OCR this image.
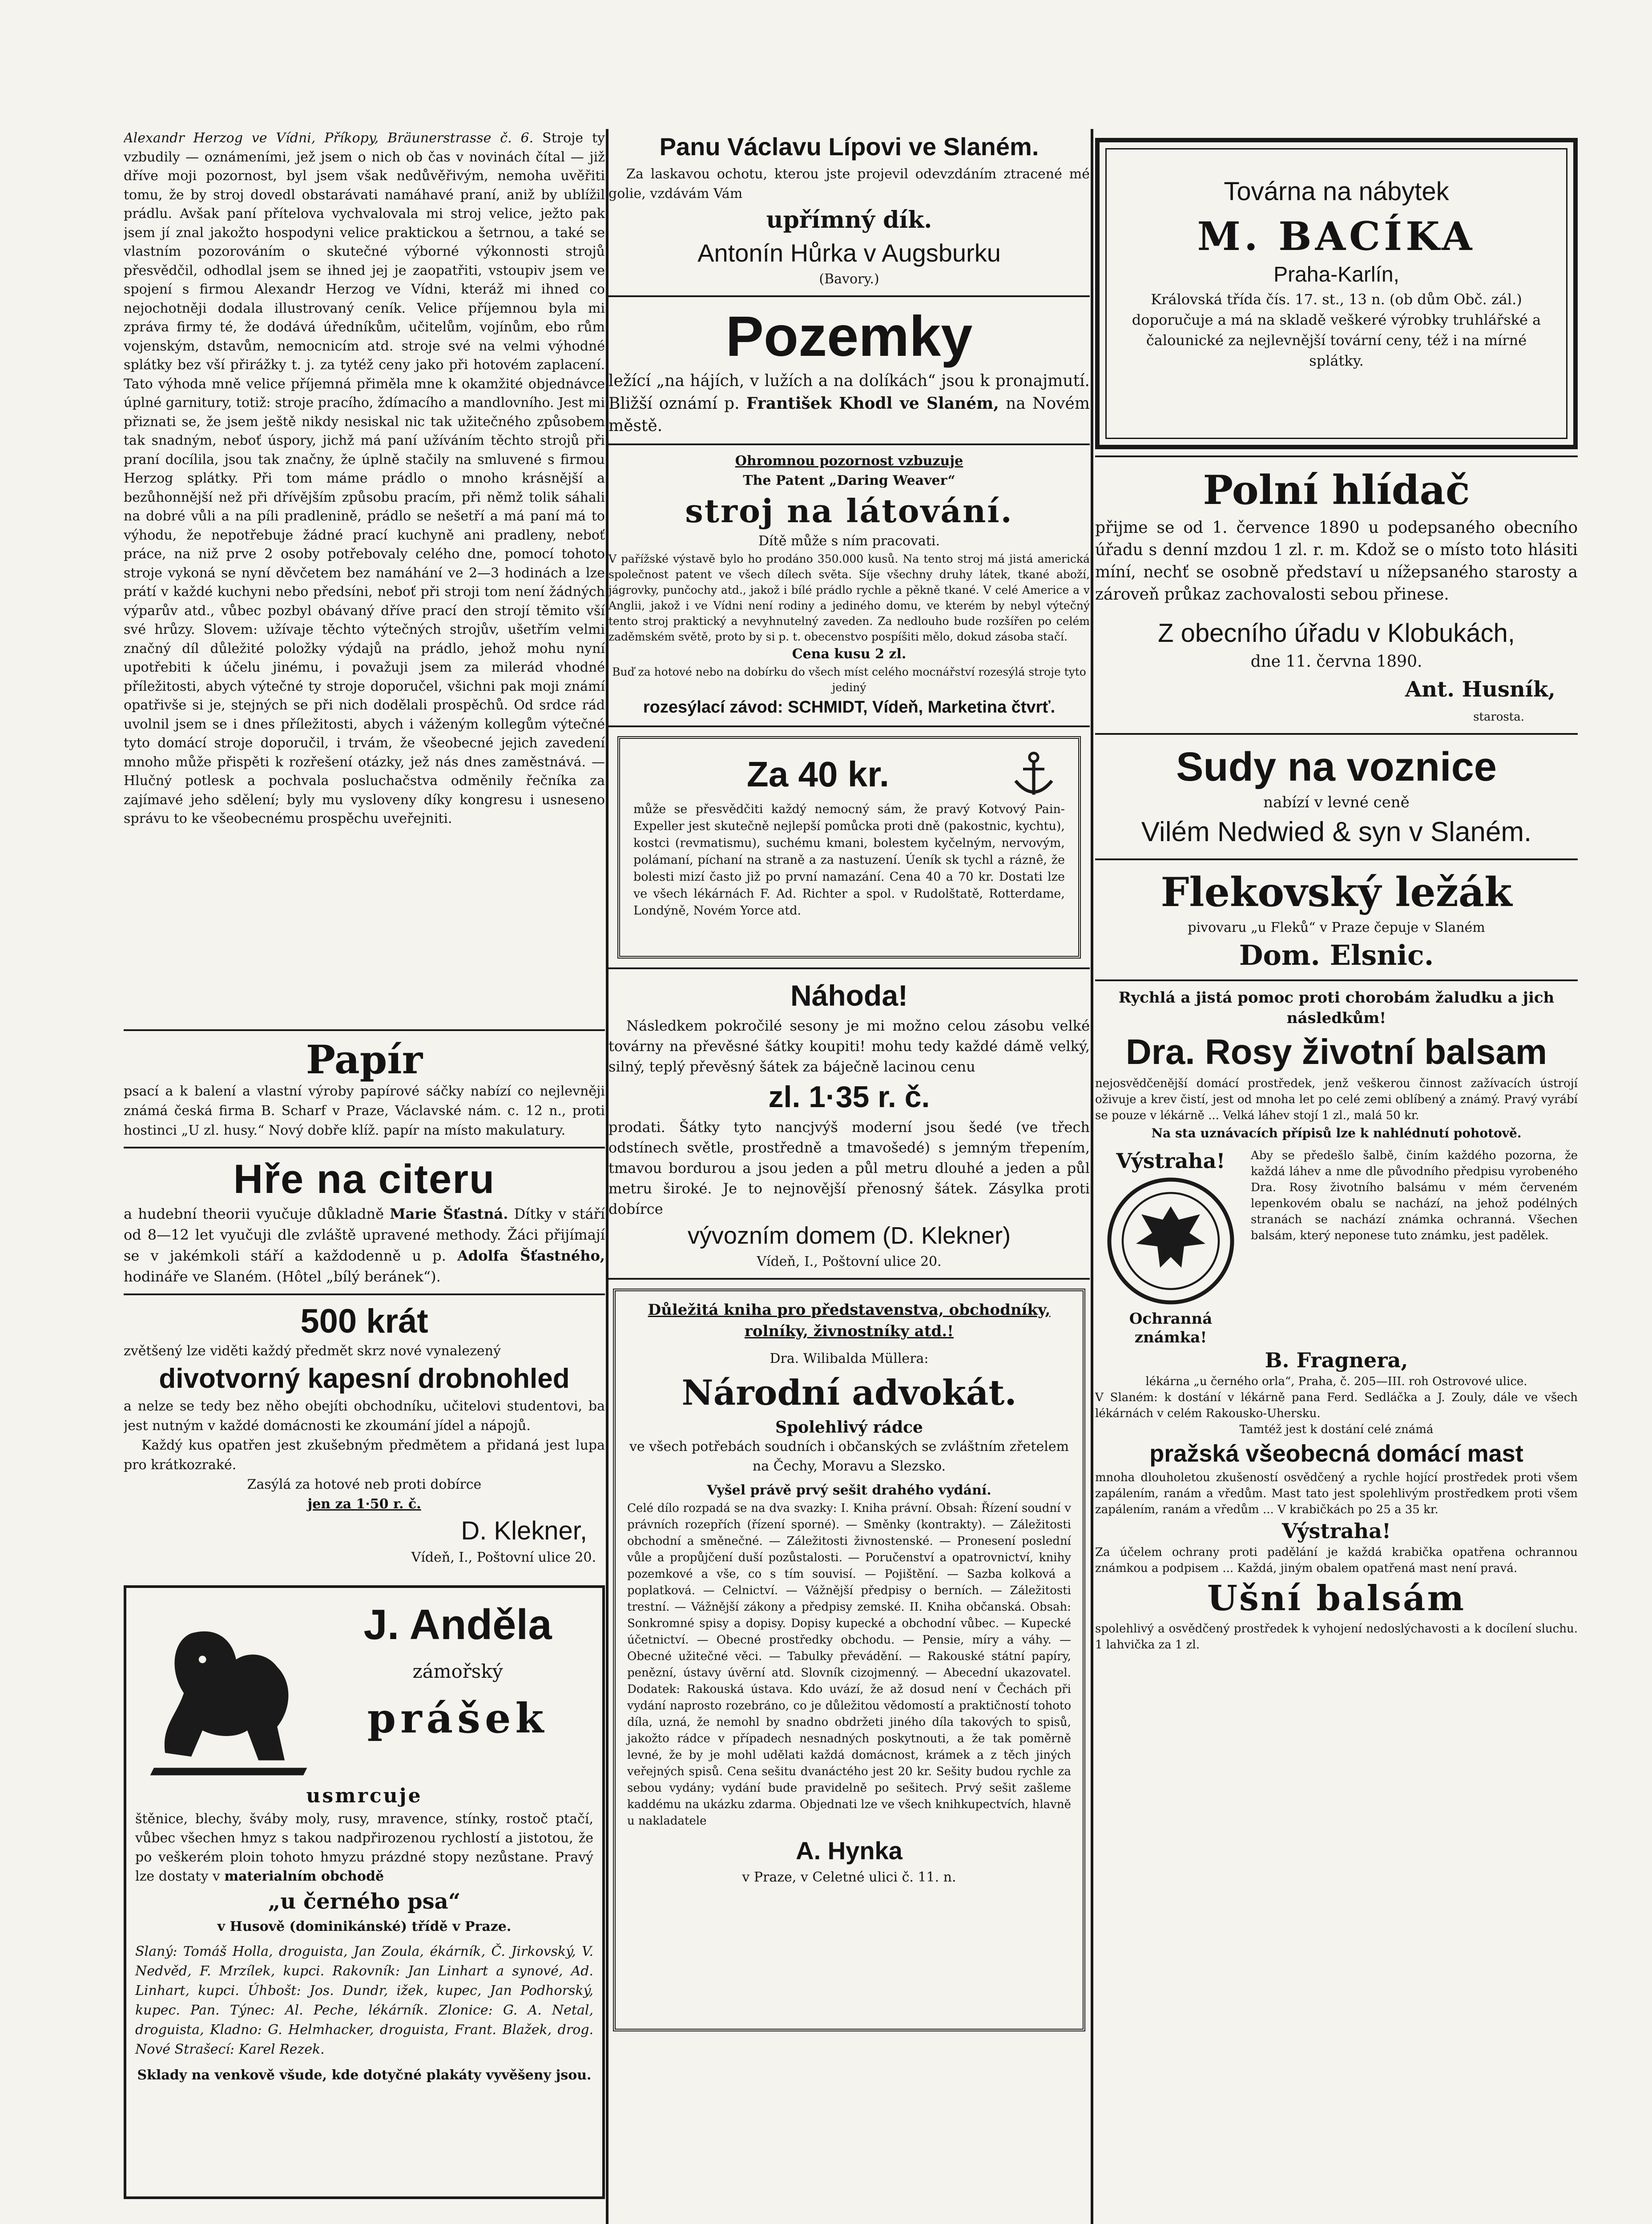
Alexandr Herzog ve Vídni, Příkopy, Bräunerstrasse č. 6. Stroje ty vzbudily — oznámeními, jež jsem o nich ob čas v novinách čítal — již dříve moji pozornost, byl jsem však nedůvěřivým, nemoha uvěřiti tomu, že by stroj dovedl obstarávati namáhavé praní, aniž by ublížil prádlu. Avšak paní přítelova vychvalovala mi stroj velice, ježto pak jsem jí znal jakožto hospodyni velice praktickou a šetrnou, a také se vlastním pozorováním o skutečné výborné výkonnosti strojů přesvědčil, odhodlal jsem se ihned jej je zaopatřiti, vstoupiv jsem ve spojení s firmou Alexandr Herzog ve Vídni, kteráž mi ihned co nejochotněji dodala illustrovaný ceník. Velice příjemnou byla mi zpráva firmy té, že dodává úředníkům, učitelům, vojínům, ebo rům vojenským, dstavům, nemocnicím atd. stroje své na velmi výhodné splátky bez vší přirážky t. j. za tytéž ceny jako při hotovém zaplacení. Tato výhoda mně velice příjemná přiměla mne k okamžité objednávce úplné garnitury, totiž: stroje pracího, ždímacího a mandlovního. Jest mi přiznati se, že jsem ještě nikdy nesiskal nic tak užitečného způsobem tak snadným, neboť úspory, jichž má paní užíváním těchto strojů při praní docílila, jsou tak značny, že úplně stačily na smluvené s firmou Herzog splátky. Při tom máme prádlo o mnoho krásnější a bezůhonnější než při dřívějším způsobu pracím, při němž tolik sáhali na dobré vůli a na píli pradlenině, prádlo se nešetří a má paní má to výhodu, že nepotřebuje žádné prací kuchyně ani pradleny, neboť práce, na niž prve 2 osoby potřebovaly celého dne, pomocí tohoto stroje vykoná se nyní děvčetem bez namáhání ve 2—3 hodinách a lze prátí v každé kuchyni nebo předsíni, neboť při stroji tom není žádných výparův atd., vůbec pozbyl obávaný dříve prací den strojí těmito vší své hrůzy. Slovem: užívaje těchto výtečných strojův, ušetřím velmi značný díl důležité položky výdajů na prádlo, jehož mohu nyní upotřebiti k účelu jinému, i považuji jsem za milerád vhodné příležitosti, abych výtečné ty stroje doporučel, všichni pak moji známí opatřivše si je, stejných se při nich dodělali prospěchů. Od srdce rád uvolnil jsem se i dnes příležitosti, abych i váženým kollegům výtečné tyto domácí stroje doporučil, i trvám, že všeobecné jejich zavedení mnoho může přispěti k rozřešení otázky, jež nás dnes zaměstnává. — Hlučný potlesk a pochvala posluchačstva odměnily řečníka za zajímavé jeho sdělení; byly mu vysloveny díky kongresu i usneseno správu to ke všeobecnému prospěchu uveřejniti.

Papír

psací a k balení a vlastní výroby papírové sáčky nabízí co nejlevněji známá česká firma B. Scharf v Praze, Václavské nám. c. 12 n., proti hostinci „U zl. husy.“ Nový dobře klíž. papír na místo makulatury.

Hře na citeru

a hudební theorii vyučuje důkladně Marie Šťastná. Dítky v stáří od 8—12 let vyučuji dle zvláště upravené methody. Žáci přijímají se v jakémkoli stáří a každodenně u p. Adolfa Šťastného, hodináře ve Slaném. (Hôtel „bílý beránek“).

500 krát

zvětšený lze viděti každý předmět skrz nové vynalezený

divotvorný kapesní drobnohled

a nelze se tedy bez něho obejíti obchodníku, učitelovi studentovi, ba jest nutným v každé domácnosti ke zkoumání jídel a nápojů.

Každý kus opatřen jest zkušebným předmětem a přidaná jest lupa pro krátkozraké.

Zasýlá za hotové neb proti dobírce

jen za 1·50 r. č.

D. Klekner,

Vídeň, I., Poštovní ulice 20.

J. Anděla
zámořský
prášek
usmrcuje

štěnice, blechy, šváby moly, rusy, mravence, stínky, rostoč ptačí, vůbec všechen hmyz s takou nadpřirozenou rychlostí a jistotou, že po veškerém ploin tohoto hmyzu prázdné stopy nezůstane. Pravý lze dostaty v materialním obchodě

„u černého psa“

v Husově (dominikánské) třídě v Praze.

Slaný: Tomáš Holla, droguista, Jan Zoula, ékárník, Č. Jirkovský, V. Nedvěd, F. Mrzílek, kupci. Rakovník: Jan Linhart a synové, Ad. Linhart, kupci. Úhbošt: Jos. Dundr, ižek, kupec, Jan Podhorský, kupec. Pan. Týnec: Al. Peche, lékárník. Zlonice: G. A. Netal, droguista, Kladno: G. Helmhacker, droguista, Frant. Blažek, drog. Nové Strašecí: Karel Rezek.

Sklady na venkově všude, kde dotyčné plakáty vyvěšeny jsou.

Panu Václavu Lípovi ve Slaném.

Za laskavou ochotu, kterou jste projevil odevzdáním ztracené mé golie, vzdávám Vám

upřímný dík.
Antonín Hůrka v Augsburku

(Bavory.)

Pozemky

ležící „na hájích, v lužích a na dolíkách“ jsou k pronajmutí. Bližší oznámí p. František Khodl ve Slaném, na Novém městě.

Ohromnou pozornost vzbuzuje

The Patent „Daring Weaver“

stroj na látování.

Dítě může s ním pracovati.

V pařížské výstavě bylo ho prodáno 350.000 kusů. Na tento stroj má jistá americká společnost patent ve všech dílech světa. Síje všechny druhy látek, tkané aboží, jágrovky, punčochy atd., jakož i bílé prádlo rychle a pěkně tkané. V celé Americe a v Anglii, jakož i ve Vídni není rodiny a jediného domu, ve kterém by nebyl výtečný tento stroj praktický a nevyhnutelný zaveden. Za nedlouho bude rozšířen po celém zaděmském světě, proto by si p. t. obecenstvo pospíšiti mělo, dokud zásoba stačí.

Cena kusu 2 zl.

Buď za hotové nebo na dobírku do všech míst celého mocnářství rozesýlá stroje tyto jediný

rozesýlací závod: SCHMIDT, Vídeň, Marketina čtvrť.
Za 40 kr.

může se přesvědčiti každý nemocný sám, že pravý Kotvový Pain-Expeller jest skutečně nejlepší pomůcka proti dně (pakostnic, kychtu), kostci (revmatismu), suchému kmani, bolestem kyčelným, nervovým, polámaní, píchaní na straně a za nastuzení. Úeník sk tychl a ráznê, že bolesti mizí často již po první namazání. Cena 40 a 70 kr. Dostati lze ve všech lékárnách F. Ad. Richter a spol. v Rudolštatě, Rotterdame, Londýně, Novém Yorce atd.

Náhoda!

Následkem pokročilé sesony je mi možno celou zásobu velké továrny na převěsné šátky koupiti! mohu tedy každé dámě velký, silný, teplý převěsný šátek za báječně lacinou cenu

zl. 1·35 r. č.

prodati. Šátky tyto nancjvýš moderní jsou šedé (ve třech odstínech světle, prostředně a tmavošedé) s jemným třepením, tmavou bordurou a jsou jeden a půl metru dlouhé a jeden a půl metru široké. Je to nejnovější přenosný šátek. Zásylka proti dobírce

vývozním domem (D. Klekner)

Vídeň, I., Poštovní ulice 20.

Důležitá kniha pro představenstva, obchodníky, rolníky, živnostníky atd.!

Dra. Wilibalda Müllera:

Národní advokát.

Spolehlivý rádce

ve všech potřebách soudních i občanských se zvláštním zřetelem na Čechy, Moravu a Slezsko.

Vyšel právě prvý sešit drahého vydání.

Celé dílo rozpadá se na dva svazky: I. Kniha právní. Obsah: Řízení soudní v právních rozepřích (řízení sporné). — Směnky (kontrakty). — Záležitosti obchodní a směnečné. — Záležitosti živnostenské. — Pronesení poslední vůle a propůjčení duší pozůstalosti. — Poručenství a opatrovnictví, knihy pozemkové a vše, co s tím souvisí. — Pojištění. — Sazba kolková a poplatková. — Celnictví. — Vážnější předpisy o berních. — Záležitosti trestní. — Vážnější zákony a předpisy zemské. II. Kniha občanská. Obsah: Sonkromné spisy a dopisy. Dopisy kupecké a obchodní vůbec. — Kupecké účetnictví. — Obecné prostředky obchodu. — Pensie, míry a váhy. — Obecné užitečné věci. — Tabulky převádění. — Rakouské státní papíry, penězní, ústavy úvěrní atd. Slovník cizojmenný. — Abecední ukazovatel. Dodatek: Rakouská ústava. Kdo uvází, že až dosud není v Čechách při vydání naprosto rozebráno, co je důležitou vědomostí a praktičností tohoto díla, uzná, že nemohl by snadno obdržeti jiného díla takových to spisů, jakožto rádce v případech nesnadných poskytnouti, a že tak poměrně levné, že by je mohl udělati každá domácnost, krámek a z těch jiných veřejných spisů. Cena sešitu dvanáctého jest 20 kr. Sešity budou rychle za sebou vydány; vydání bude pravidelně po sešitech. Prvý sešit zašleme kaddému na ukázku zdarma. Objednati lze ve všech knihkupectvích, hlavně u nakladatele

A. Hynka

v Praze, v Celetné ulici č. 11. n.

Továrna na nábytek
M. BACÍKA
Praha-Karlín,

Královská třída čís. 17. st., 13 n. (ob dům Obč. zál.)

doporučuje a má na skladě veškeré výrobky truhlářské a čalounické za nejlevnější tovární ceny, též i na mírné splátky.

Polní hlídač

přijme se od 1. července 1890 u podepsaného obecního úřadu s denní mzdou 1 zl. r. m. Kdož se o místo toto hlásiti míní, nechť se osobně představí u nížepsaného starosty a zároveň průkaz zachovalosti sebou přinese.

Z obecního úřadu v Klobukách,

dne 11. června 1890.

Ant. Husník,

starosta.

Sudy na voznice

nabízí v levné ceně

Vilém Nedwied & syn v Slaném.
Flekovský ležák

pivovaru „u Fleků“ v Praze čepuje v Slaném

Dom. Elsnic.

Rychlá a jistá pomoc proti chorobám žaludku a jich následkům!

Dra. Rosy životní balsam

nejosvědčenější domácí prostředek, jenž veškerou činnost zažívacích ústrojí oživuje a krev čistí, jest od mnoha let po celé zemi oblíbený a známý. Pravý vyrábí se pouze v lékárně ... Velká láhev stojí 1 zl., malá 50 kr.

Na sta uznávacích přípisů lze k nahlédnutí pohotově.

Výstraha!
Ochranná známka!

Aby se předešlo šalbě, činím každého pozorna, že každá láhev a nme dle původního předpisu vyrobeného Dra. Rosy životního balsámu v mém červeném lepenkovém obalu se nachází, na jehož podélných stranách se nachází známka ochranná. Všechen balsám, který neponese tuto známku, jest padělek.

B. Fragnera,

lékárna „u černého orla“, Praha, č. 205—III. roh Ostrovové ulice.

V Slaném: k dostání v lékárně pana Ferd. Sedláčka a J. Zouly, dále ve všech lékárnách v celém Rakousko-Uhersku.

Tamtéž jest k dostání celé známá

pražská všeobecná domácí mast

mnoha dlouholetou zkušeností osvědčený a rychle hojící prostředek proti všem zapálením, ranám a vředům. Mast tato jest spolehlivým prostředkem proti všem zapálením, ranám a vředům ... V krabičkách po 25 a 35 kr.

Výstraha!

Za účelem ochrany proti padělání je každá krabička opatřena ochrannou známkou a podpisem ... Každá, jiným obalem opatřená mast není pravá.

Ušní balsám

spolehlivý a osvědčený prostředek k vyhojení nedoslýchavosti a k docílení sluchu. 1 lahvička za 1 zl.
